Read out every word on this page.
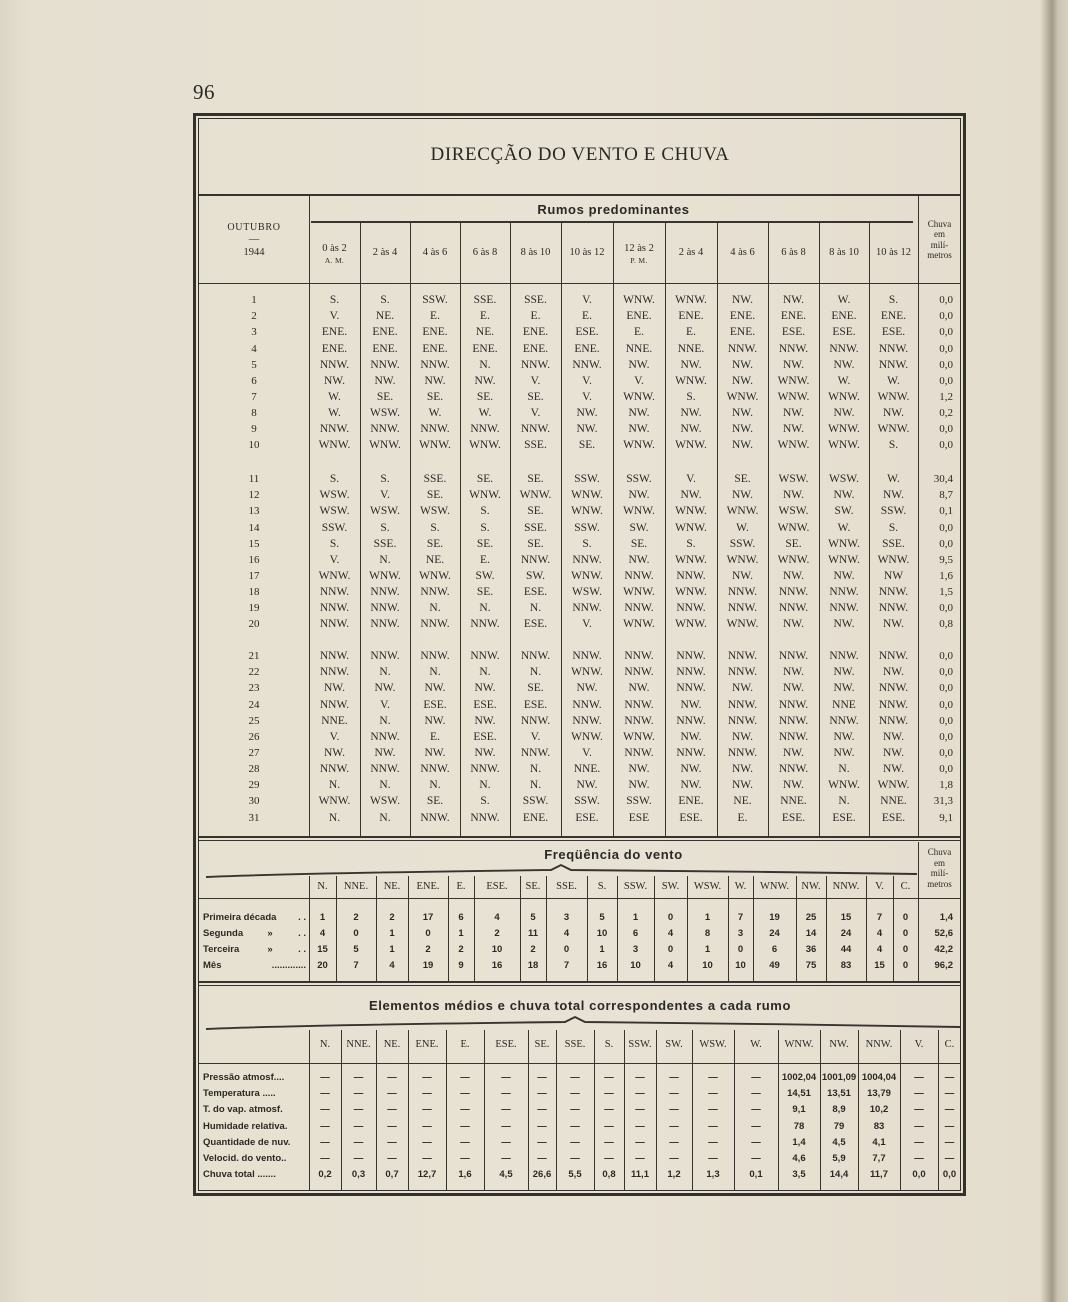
96
DIRECÇÃO DO VENTO E CHUVA
OUTUBRO
—
1944
Rumos predominantes
Chuva
em
milí-
metros
0 às 2
A. M.
2 às 4	4 às 6	6 às 8	8 às 10	10 às 12	12 às 2
P. M.
2 às 4	4 às 6	6 às 8	8 às 10	10 às 12
1	S.	S.	SSW.	SSE.	SSE.	V.	WNW.	WNW.	NW.	NW.	W.	S.	0,0
2	V.	NE.	E.	E.	E.	E.	ENE.	ENE.	ENE.	ENE.	ENE.	ENE.	0,0
3	ENE.	ENE.	ENE.	NE.	ENE.	ESE.	E.	E.	ENE.	ESE.	ESE.	ESE.	0,0
4	ENE.	ENE.	ENE.	ENE.	ENE.	ENE.	NNE.	NNE.	NNW.	NNW.	NNW.	NNW.	0,0
5	NNW.	NNW.	NNW.	N.	NNW.	NNW.	NW.	NW.	NW.	NW.	NW.	NNW.	0,0
6	NW.	NW.	NW.	NW.	V.	V.	V.	WNW.	NW.	WNW.	W.	W.	0,0
7	W.	SE.	SE.	SE.	SE.	V.	WNW.	S.	WNW.	WNW.	WNW.	WNW.	1,2
8	W.	WSW.	W.	W.	V.	NW.	NW.	NW.	NW.	NW.	NW.	NW.	0,2
9	NNW.	NNW.	NNW.	NNW.	NNW.	NW.	NW.	NW.	NW.	NW.	WNW.	WNW.	0,0
10	WNW.	WNW.	WNW.	WNW.	SSE.	SE.	WNW.	WNW.	NW.	WNW.	WNW.	S.	0,0
11	S.	S.	SSE.	SE.	SE.	SSW.	SSW.	V.	SE.	WSW.	WSW.	W.	30,4
12	WSW.	V.	SE.	WNW.	WNW.	WNW.	NW.	NW.	NW.	NW.	NW.	NW.	8,7
13	WSW.	WSW.	WSW.	S.	SE.	WNW.	WNW.	WNW.	WNW.	WSW.	SW.	SSW.	0,1
14	SSW.	S.	S.	S.	SSE.	SSW.	SW.	WNW.	W.	WNW.	W.	S.	0,0
15	S.	SSE.	SE.	SE.	SE.	S.	SE.	S.	SSW.	SE.	WNW.	SSE.	0,0
16	V.	N.	NE.	E.	NNW.	NNW.	NW.	WNW.	WNW.	WNW.	WNW.	WNW.	9,5
17	WNW.	WNW.	WNW.	SW.	SW.	WNW.	NNW.	NNW.	NW.	NW.	NW.	NW	1,6
18	NNW.	NNW.	NNW.	SE.	ESE.	WSW.	WNW.	WNW.	NNW.	NNW.	NNW.	NNW.	1,5
19	NNW.	NNW.	N.	N.	N.	NNW.	NNW.	NNW.	NNW.	NNW.	NNW.	NNW.	0,0
20	NNW.	NNW.	NNW.	NNW.	ESE.	V.	WNW.	WNW.	WNW.	NW.	NW.	NW.	0,8
21	NNW.	NNW.	NNW.	NNW.	NNW.	NNW.	NNW.	NNW.	NNW.	NNW.	NNW.	NNW.	0,0
22	NNW.	N.	N.	N.	N.	WNW.	NNW.	NNW.	NNW.	NW.	NW.	NW.	0,0
23	NW.	NW.	NW.	NW.	SE.	NW.	NW.	NNW.	NW.	NW.	NW.	NNW.	0,0
24	NNW.	V.	ESE.	ESE.	ESE.	NNW.	NNW.	NW.	NNW.	NNW.	NNE	NNW.	0,0
25	NNE.	N.	NW.	NW.	NNW.	NNW.	NNW.	NNW.	NNW.	NNW.	NNW.	NNW.	0,0
26	V.	NNW.	E.	ESE.	V.	WNW.	WNW.	NW.	NW.	NNW.	NW.	NW.	0,0
27	NW.	NW.	NW.	NW.	NNW.	V.	NNW.	NNW.	NNW.	NW.	NW.	NW.	0,0
28	NNW.	NNW.	NNW.	NNW.	N.	NNE.	NW.	NW.	NW.	NNW.	N.	NW.	0,0
29	N.	N.	N.	N.	N.	NW.	NW.	NW.	NW.	NW.	WNW.	WNW.	1,8
30	WNW.	WSW.	SE.	S.	SSW.	SSW.	SSW.	ENE.	NE.	NNE.	N.	NNE.	31,3
31	N.	N.	NNW.	NNW.	ENE.	ESE.	ESE	ESE.	E.	ESE.	ESE.	ESE.	9,1
Freqüência do vento	Chuva
em
milí-
metros
N.	NNE.	NE.	ENE.	E.	ESE.	SE.	SSE.	S.	SSW.	SW.	WSW.	W.	WNW.	NW.	NNW.	V.	C.
Primeira década	. .	1	2	2	17	6	4	5	3	5	1	0	1	7	19	25	15	7	0	1,4
Segunda	»	. .	4	0	1	0	1	2	11	4	10	6	4	8	3	24	14	24	4	0	52,6
Terceira	»	. .	15	5	1	2	2	10	2	0	1	3	0	1	0	6	36	44	4	0	42,2
Mês	.............	20	7	4	19	9	16	18	7	16	10	4	10	10	49	75	83	15	0	96,2
Elementos médios e chuva total correspondentes a cada rumo
N.	NNE.	NE.	ENE.	E.	ESE.	SE.	SSE.	S.	SSW.	SW.	WSW.	W.	WNW.	NW.	NNW.	V.	C.
Pressão atmosf....	—	—	—	—	—	—	—	—	—	—	—	—	—	1002,04 1001,09 1004,04	—	—
Temperatura .....	—	—	—	—	—	—	—	—	—	—	—	—	—	14,51	13,51	13,79	—	—
T. do vap. atmosf.	—	—	—	—	—	—	—	—	—	—	—	—	—	9,1	8,9	10,2	—	—
Humidade relativa.	—	—	—	—	—	—	—	—	—	—	—	—	—	78	79	83	—	—
Quantidade de nuv.	—	—	—	—	—	—	—	—	—	—	—	—	—	1,4	4,5	4,1	—	—
Velocid. do vento..	—	—	—	—	—	—	—	—	—	—	—	—	—	4,6	5,9	7,7	—	—
Chuva total .......	0,2	0,3	0,7	12,7	1,6	4,5	26,6	5,5	0,8	11,1	1,2	1,3	0,1	3,5	14,4	11,7	0,0	0,0
